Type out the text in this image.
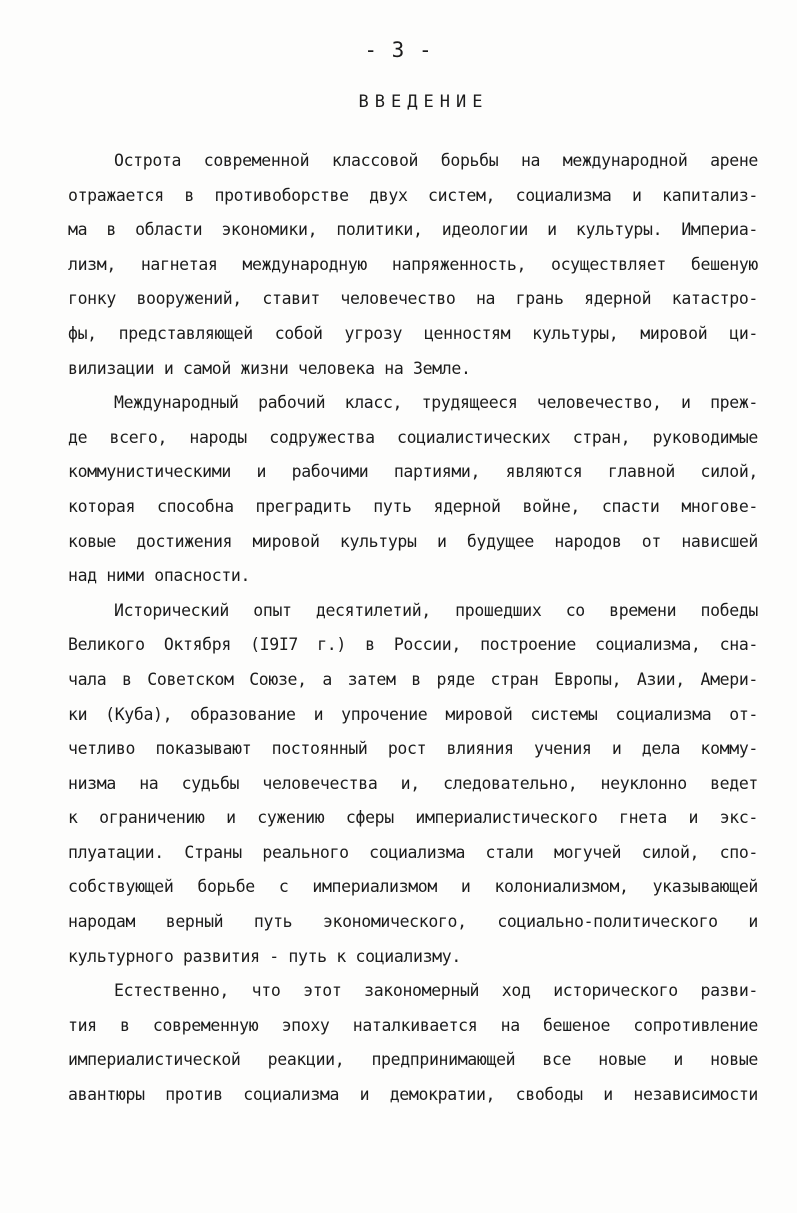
- 3 -
ВВЕДЕНИЕ
Острота современной классовой борьбы на международной арене
отражается в противоборстве двух систем, социализма и капитализ-
ма в области экономики, политики, идеологии и культуры. Империа-
лизм, нагнетая международную напряженность, осуществляет бешеную
гонку вооружений, ставит человечество на грань ядерной катастро-
фы, представляющей собой угрозу ценностям культуры, мировой ци-
вилизации и самой жизни человека на Земле.
Международный рабочий класс, трудящееся человечество, и преж-
де всего, народы содружества социалистических стран, руководимые
коммунистическими и рабочими партиями, являются главной силой,
которая способна преградить путь ядерной войне, спасти многове-
ковые достижения мировой культуры и будущее народов от нависшей
над ними опасности.
Исторический опыт десятилетий, прошедших со времени победы
Великого Октября (I9I7 г.) в России, построение социализма, сна-
чала в Советском Союзе, а затем в ряде стран Европы, Азии, Амери-
ки (Куба), образование и упрочение мировой системы социализма от-
четливо показывают постоянный рост влияния учения и дела комму-
низма на судьбы человечества и, следовательно, неуклонно ведет
к ограничению и сужению сферы империалистического гнета и экс-
плуатации. Страны реального социализма стали могучей силой, спо-
собствующей борьбе с империализмом и колониализмом, указывающей
народам верный путь экономического, социально-политического и
культурного развития - путь к социализму.
Естественно, что этот закономерный ход исторического разви-
тия в современную эпоху наталкивается на бешеное сопротивление
империалистической реакции, предпринимающей все новые и новые
авантюры против социализма и демократии, свободы и независимости
